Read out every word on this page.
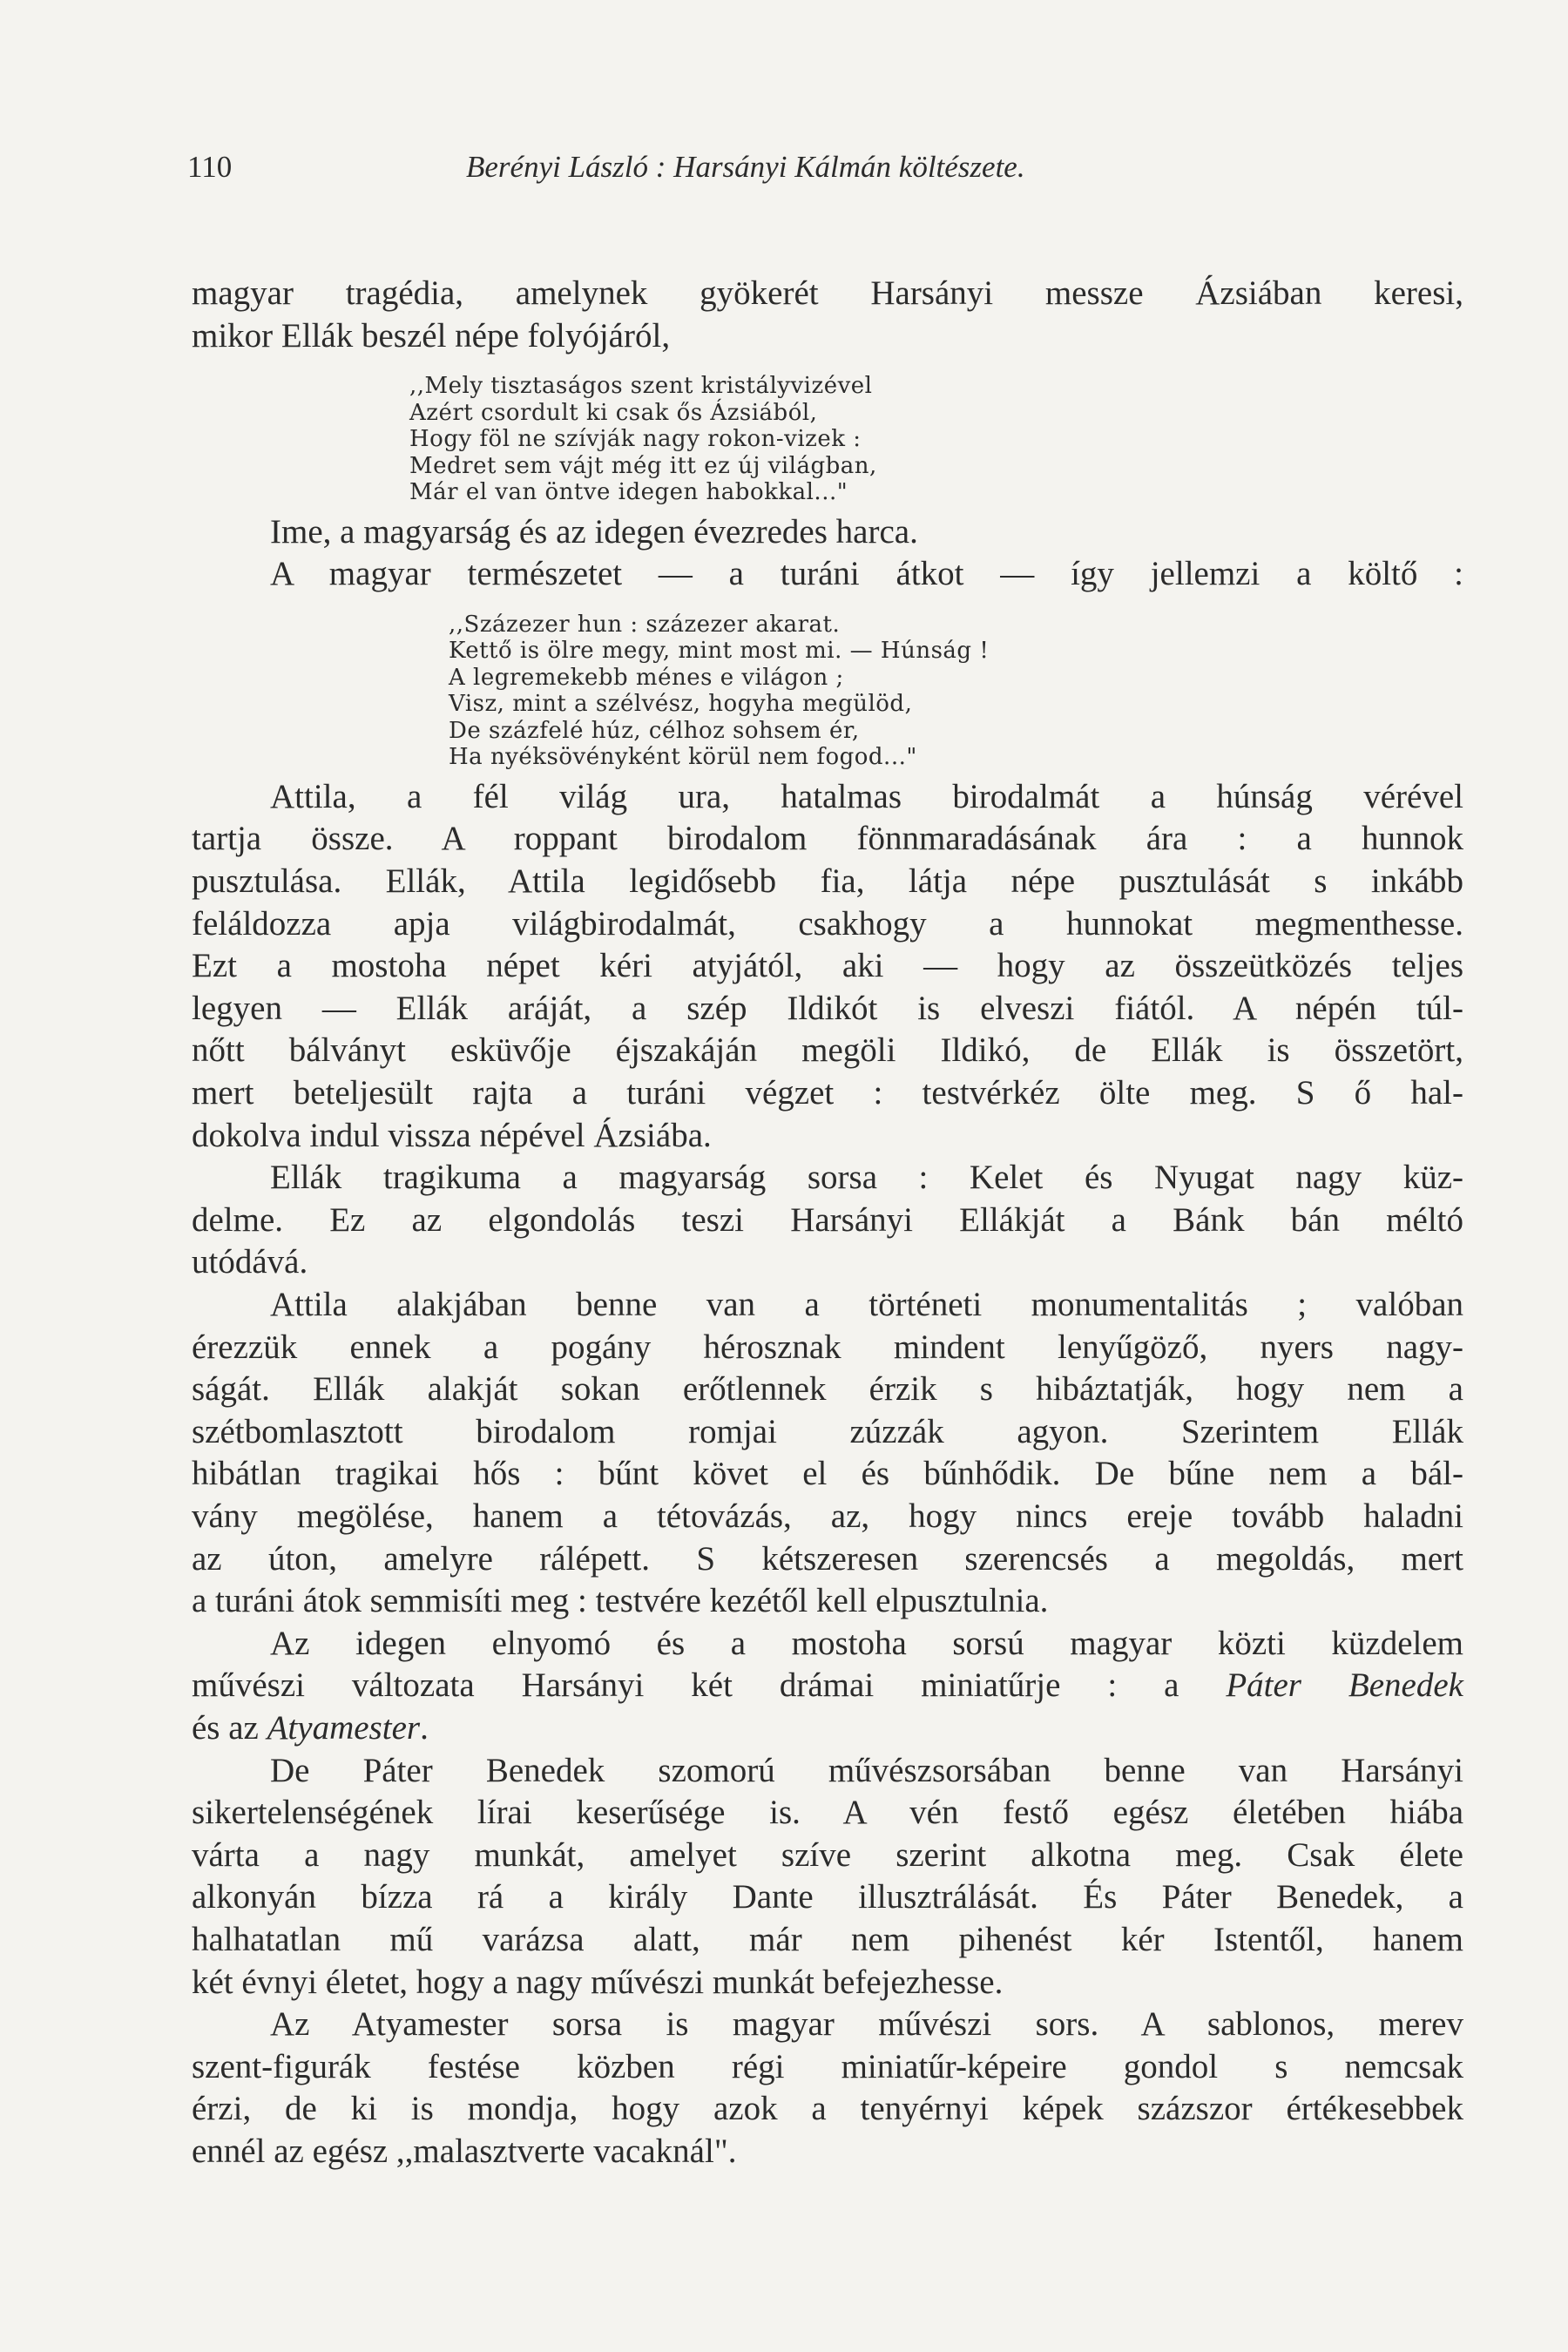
110	Berényi László : Harsányi Kálmán költészete.
magyar tragédia, amelynek gyökerét Harsányi messze Ázsiában keresi,
mikor Ellák beszél népe folyójáról,
,,Mely tisztaságos szent kristályvizével
Azért csordult ki csak ős Ázsiából,
Hogy föl ne szívják nagy rokon-vizek :
Medret sem vájt még itt ez új világban,
Már el van öntve idegen habokkal..."
Ime, a magyarság és az idegen évezredes harca.
A magyar természetet — a turáni átkot — így jellemzi a költő :
,,Százezer hun : százezer akarat.
Kettő is ölre megy, mint most mi. — Húnság !
A legremekebb ménes e világon ;
Visz, mint a szélvész, hogyha megülöd,
De százfelé húz, célhoz sohsem ér,
Ha nyéksövényként körül nem fogod..."
Attila, a fél világ ura, hatalmas birodalmát a húnság vérével
tartja össze. A roppant birodalom fönnmaradásának ára : a hunnok
pusztulása. Ellák, Attila legidősebb fia, látja népe pusztulását s inkább
feláldozza apja világbirodalmát, csakhogy a hunnokat megmenthesse.
Ezt a mostoha népet kéri atyjától, aki — hogy az összeütközés teljes
legyen — Ellák aráját, a szép Ildikót is elveszi fiától. A népén túl-
nőtt bálványt esküvője éjszakáján megöli Ildikó, de Ellák is összetört,
mert beteljesült rajta a turáni végzet : testvérkéz ölte meg. S ő hal-
dokolva indul vissza népével Ázsiába.
Ellák tragikuma a magyarság sorsa : Kelet és Nyugat nagy küz-
delme. Ez az elgondolás teszi Harsányi Ellákját a Bánk bán méltó
utódává.
Attila alakjában benne van a történeti monumentalitás ; valóban
érezzük ennek a pogány hérosznak mindent lenyűgöző, nyers nagy-
ságát. Ellák alakját sokan erőtlennek érzik s hibáztatják, hogy nem a
szétbomlasztott birodalom romjai zúzzák agyon. Szerintem Ellák
hibátlan tragikai hős : bűnt követ el és bűnhődik. De bűne nem a bál-
vány megölése, hanem a tétovázás, az, hogy nincs ereje tovább haladni
az úton, amelyre rálépett. S kétszeresen szerencsés a megoldás, mert
a turáni átok semmisíti meg : testvére kezétől kell elpusztulnia.
Az idegen elnyomó és a mostoha sorsú magyar közti küzdelem
művészi változata Harsányi két drámai miniatűrje : a Páter Benedek
és az Atyamester.
De Páter Benedek szomorú művészsorsában benne van Harsányi
sikertelenségének lírai keserűsége is. A vén festő egész életében hiába
várta a nagy munkát, amelyet szíve szerint alkotna meg. Csak élete
alkonyán bízza rá a király Dante illusztrálását. És Páter Benedek, a
halhatatlan mű varázsa alatt, már nem pihenést kér Istentől, hanem
két évnyi életet, hogy a nagy művészi munkát befejezhesse.
Az Atyamester sorsa is magyar művészi sors. A sablonos, merev
szent-figurák festése közben régi miniatűr-képeire gondol s nemcsak
érzi, de ki is mondja, hogy azok a tenyérnyi képek százszor értékesebbek
ennél az egész ,,malasztverte vacaknál".
